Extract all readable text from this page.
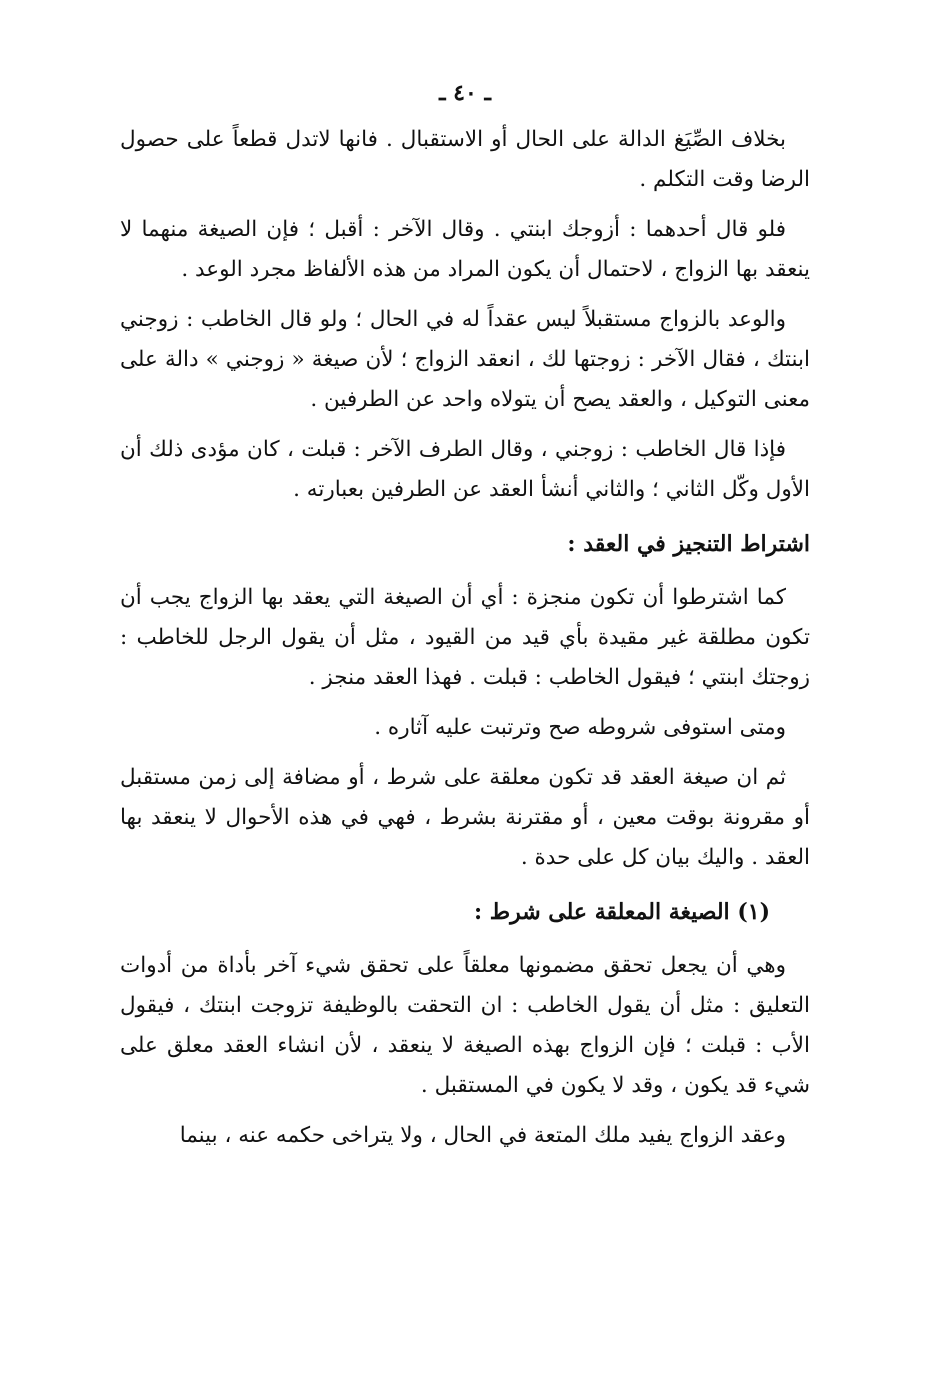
ـ ٤٠ ـ

بخلاف الصِّيَغ الدالة على الحال أو الاستقبال . فانها لاتدل قطعاً على حصول الرضا وقت التكلم .

فلو قال أحدهما : أزوجك ابنتي . وقال الآخر : أقبل ؛ فإن الصيغة منهما لا ينعقد بها الزواج ، لاحتمال أن يكون المراد من هذه الألفاظ مجرد الوعد .

والوعد بالزواج مستقبلاً ليس عقداً له في الحال ؛ ولو قال الخاطب : زوجني ابنتك ، فقال الآخر : زوجتها لك ، انعقد الزواج ؛ لأن صيغة « زوجني » دالة على معنى التوكيل ، والعقد يصح أن يتولاه واحد عن الطرفين .

فإذا قال الخاطب : زوجني ، وقال الطرف الآخر : قبلت ، كان مؤدى ذلك أن الأول وكّل الثاني ؛ والثاني أنشأ العقد عن الطرفين بعبارته .

اشتراط التنجيز في العقد :

كما اشترطوا أن تكون منجزة : أي أن الصيغة التي يعقد بها الزواج يجب أن تكون مطلقة غير مقيدة بأي قيد من القيود ، مثل أن يقول الرجل للخاطب : زوجتك ابنتي ؛ فيقول الخاطب : قبلت . فهذا العقد منجز .

ومتى استوفى شروطه صح وترتبت عليه آثاره .

ثم ان صيغة العقد قد تكون معلقة على شرط ، أو مضافة إلى زمن مستقبل أو مقرونة بوقت معين ، أو مقترنة بشرط ، فهي في هذه الأحوال لا ينعقد بها العقد . واليك بيان كل على حدة .

(١) الصيغة المعلقة على شرط :

وهي أن يجعل تحقق مضمونها معلقاً على تحقق شيء آخر بأداة من أدوات التعليق : مثل أن يقول الخاطب : ان التحقت بالوظيفة تزوجت ابنتك ، فيقول الأب : قبلت ؛ فإن الزواج بهذه الصيغة لا ينعقد ، لأن انشاء العقد معلق على شيء قد يكون ، وقد لا يكون في المستقبل .

وعقد الزواج يفيد ملك المتعة في الحال ، ولا يتراخى حكمه عنه ، بينما
